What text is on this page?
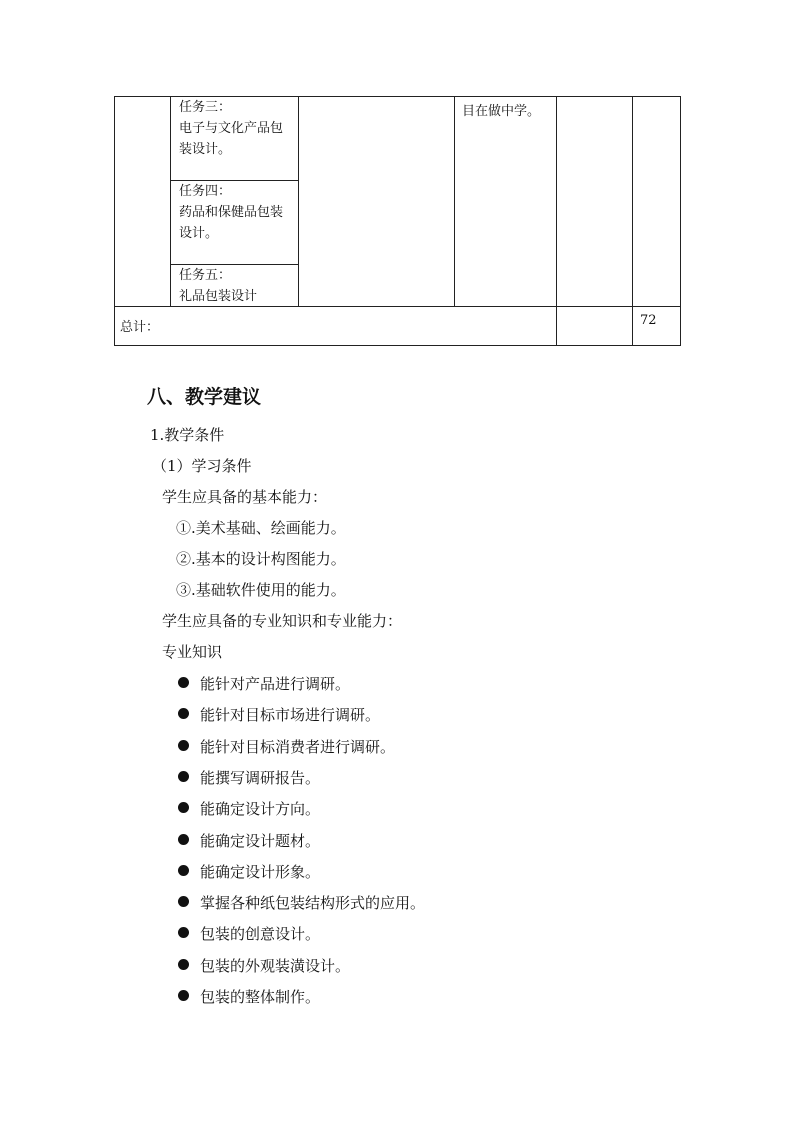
任务三：
电子与文化产品包
装设计。
任务四：
药品和保健品包装
设计。
任务五：
礼品包装设计
目在做中学。
总计：	72
八、教学建议
1.教学条件
（1）学习条件
学生应具备的基本能力：
①.美术基础、绘画能力。
②.基本的设计构图能力。
③.基础软件使用的能力。
学生应具备的专业知识和专业能力：
专业知识
能针对产品进行调研。
能针对目标市场进行调研。
能针对目标消费者进行调研。
能撰写调研报告。
能确定设计方向。
能确定设计题材。
能确定设计形象。
掌握各种纸包装结构形式的应用。
包装的创意设计。
包装的外观装潢设计。
包装的整体制作。
